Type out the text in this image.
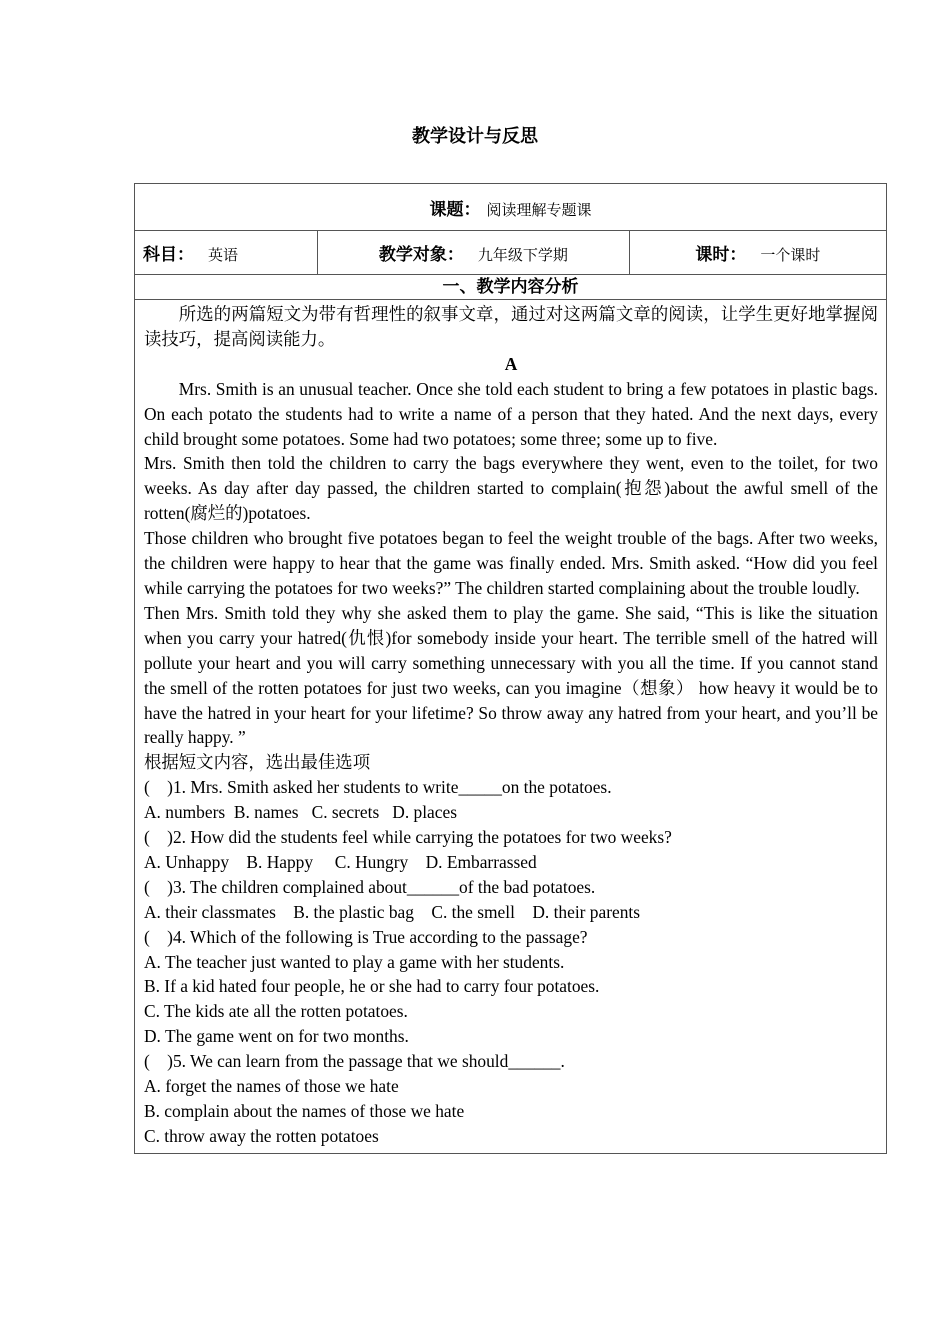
教学设计与反思
课题： 阅读理解专题课
科目： 英语	教学对象： 九年级下学期	课时： 一个课时
一、教学内容分析

所选的两篇短文为带有哲理性的叙事文章，通过对这两篇文章的阅读，让学生更好地掌握阅读技巧，提高阅读能力。

A

Mrs. Smith is an unusual teacher. Once she told each student to bring a few potatoes in plastic bags. On each potato the students had to write a name of a person that they hated. And the next days, every child brought some potatoes. Some had two potatoes; some three; some up to five.

Mrs. Smith then told the children to carry the bags everywhere they went, even to the toilet, for two weeks. As day after day passed, the children started to complain(抱怨)about the awful smell of the rotten(腐烂的)potatoes.

Those children who brought five potatoes began to feel the weight trouble of the bags. After two weeks, the children were happy to hear that the game was finally ended. Mrs. Smith asked. “How did you feel while carrying the potatoes for two weeks?” The children started complaining about the trouble loudly.

Then Mrs. Smith told they why she asked them to play the game. She said, “This is like the situation when you carry your hatred(仇恨)for somebody inside your heart. The terrible smell of the hatred will pollute your heart and you will carry something unnecessary with you all the time. If you cannot stand the smell of the rotten potatoes for just two weeks, can you imagine（想象） how heavy it would be to have the hatred in your heart for your lifetime? So throw away any hatred from your heart, and you’ll be really happy. ”

根据短文内容，选出最佳选项

(    )1. Mrs. Smith asked her students to write_____on the potatoes.

A. numbers  B. names   C. secrets   D. places

(    )2. How did the students feel while carrying the potatoes for two weeks?

A. Unhappy    B. Happy     C. Hungry    D. Embarrassed

(    )3. The children complained about______of the bad potatoes.

A. their classmates    B. the plastic bag    C. the smell    D. their parents

(    )4. Which of the following is True according to the passage?

A. The teacher just wanted to play a game with her students.

B. If a kid hated four people, he or she had to carry four potatoes.

C. The kids ate all the rotten potatoes.

D. The game went on for two months.

(    )5. We can learn from the passage that we should______.

A. forget the names of those we hate

B. complain about the names of those we hate

C. throw away the rotten potatoes
